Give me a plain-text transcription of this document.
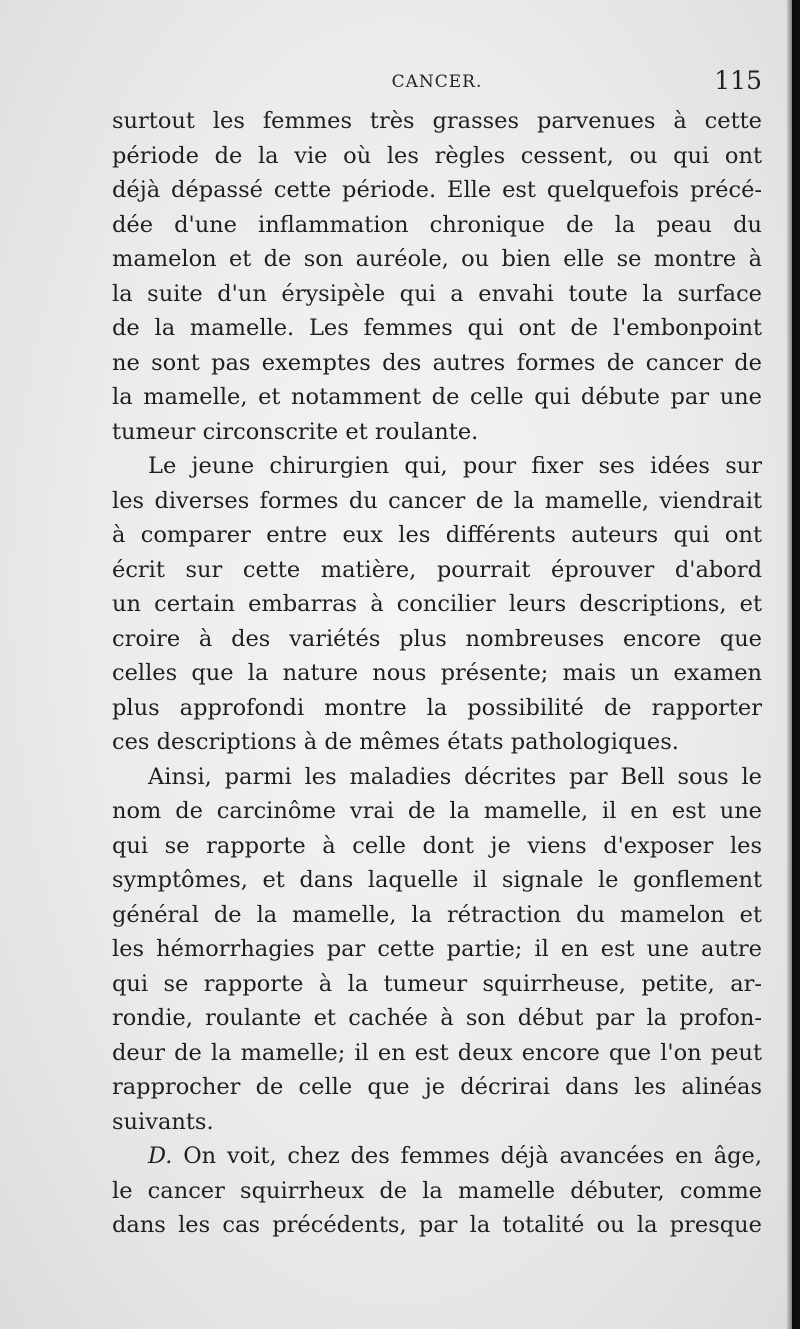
CANCER.	115
surtout les femmes très grasses parvenues à cette
période de la vie où les règles cessent, ou qui ont
déjà dépassé cette période. Elle est quelquefois précé-
dée d'une inflammation chronique de la peau du
mamelon et de son auréole, ou bien elle se montre à
la suite d'un érysipèle qui a envahi toute la surface
de la mamelle. Les femmes qui ont de l'embonpoint
ne sont pas exemptes des autres formes de cancer de
la mamelle, et notamment de celle qui débute par une
tumeur circonscrite et roulante.
Le jeune chirurgien qui, pour fixer ses idées sur
les diverses formes du cancer de la mamelle, viendrait
à comparer entre eux les différents auteurs qui ont
écrit sur cette matière, pourrait éprouver d'abord
un certain embarras à concilier leurs descriptions, et
croire à des variétés plus nombreuses encore que
celles que la nature nous présente; mais un examen
plus approfondi montre la possibilité de rapporter
ces descriptions à de mêmes états pathologiques.
Ainsi, parmi les maladies décrites par Bell sous le
nom de carcinôme vrai de la mamelle, il en est une
qui se rapporte à celle dont je viens d'exposer les
symptômes, et dans laquelle il signale le gonflement
général de la mamelle, la rétraction du mamelon et
les hémorrhagies par cette partie; il en est une autre
qui se rapporte à la tumeur squirrheuse, petite, ar-
rondie, roulante et cachée à son début par la profon-
deur de la mamelle; il en est deux encore que l'on peut
rapprocher de celle que je décrirai dans les alinéas
suivants.
D. On voit, chez des femmes déjà avancées en âge,
le cancer squirrheux de la mamelle débuter, comme
dans les cas précédents, par la totalité ou la presque
